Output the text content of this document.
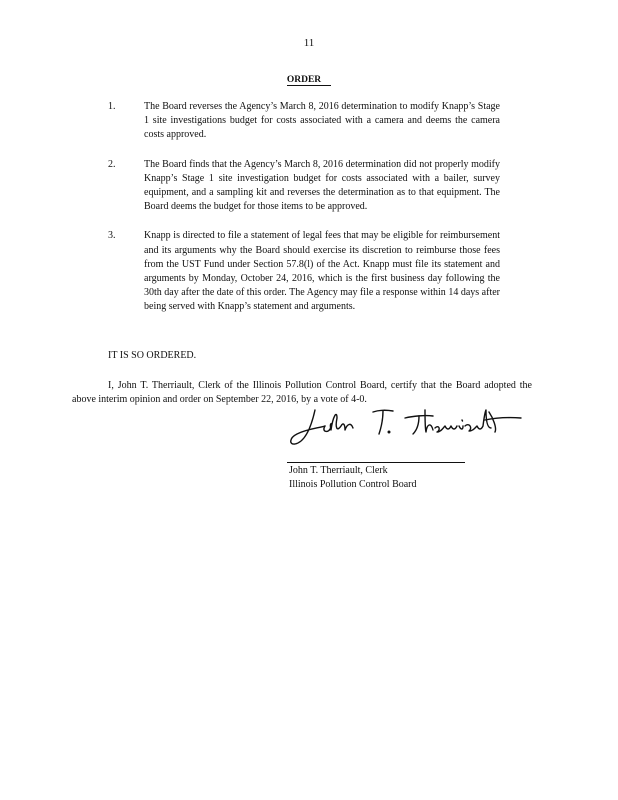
11
ORDER
1.	The Board reverses the Agency’s March 8, 2016 determination to modify Knapp’s Stage 1 site investigations budget for costs associated with a camera and deems the camera costs approved.
2.	The Board finds that the Agency’s March 8, 2016 determination did not properly modify Knapp’s Stage 1 site investigation budget for costs associated with a bailer, survey equipment, and a sampling kit and reverses the determination as to that equipment. The Board deems the budget for those items to be approved.
3.	Knapp is directed to file a statement of legal fees that may be eligible for reimbursement and its arguments why the Board should exercise its discretion to reimburse those fees from the UST Fund under Section 57.8(l) of the Act. Knapp must file its statement and arguments by Monday, October 24, 2016, which is the first business day following the 30th day after the date of this order. The Agency may file a response within 14 days after being served with Knapp’s statement and arguments.
IT IS SO ORDERED.
I, John T. Therriault, Clerk of the Illinois Pollution Control Board, certify that the Board adopted the above interim opinion and order on September 22, 2016, by a vote of 4-0.
John T. Therriault, Clerk
Illinois Pollution Control Board
